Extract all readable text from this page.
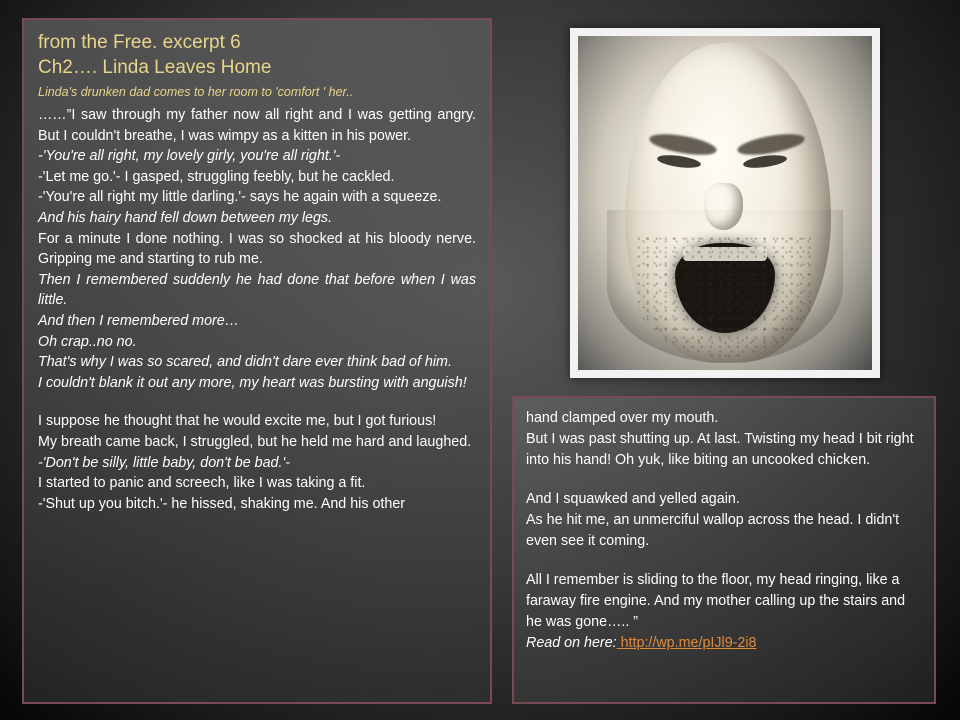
from the Free. excerpt 6
Ch2…. Linda Leaves Home
Linda's drunken dad comes to her room to 'comfort ' her..

……”I saw through my father now all right and I was getting angry. But I couldn't breathe, I was wimpy as a kitten in his power.

-'You're all right, my lovely girly, you're all right.'-

-'Let me go.'- I gasped, struggling feebly, but he cackled.

-'You're all right my little darling.'- says he again with a squeeze.

And his hairy hand fell down between my legs.

For a minute I done nothing. I was so shocked at his bloody nerve. Gripping me and starting to rub me.

Then I remembered suddenly he had done that before when I was little.

And then I remembered more…

Oh crap..no no.

That's why I was so scared, and didn't dare ever think bad of him.

I couldn't blank it out any more, my heart was bursting with anguish!

I suppose he thought that he would excite me, but I got furious!

My breath came back, I struggled, but he held me hard and laughed.

-'Don't be silly, little baby, don't be bad.'-

I started to panic and screech, like I was taking a fit.

-'Shut up you bitch.'- he hissed, shaking me. And his other

hand clamped over my mouth.

But I was past shutting up. At last. Twisting my head I bit right into his hand! Oh yuk, like biting an uncooked chicken.

And I squawked and yelled again.

As he hit me, an unmerciful wallop across the head. I didn't even see it coming.

All I remember is sliding to the floor, my head ringing, like a faraway fire engine. And my mother calling up the stairs and he was gone….. ”

Read on here: http://wp.me/pIJl9-2i8
